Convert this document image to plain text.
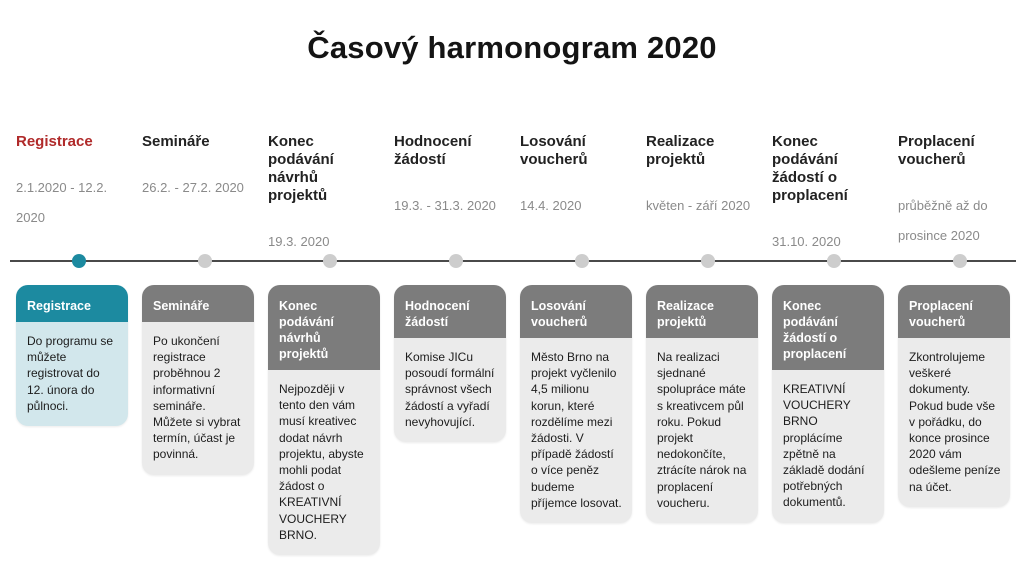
Časový harmonogram 2020
Registrace
2.1.2020 - 12.2. 2020
Registrace
Do programu se můžete registrovat do 12. února do půlnoci.
Semináře
26.2. - 27.2. 2020
Semináře
Po ukončení registrace proběhnou 2 informativní semináře. Můžete si vybrat termín, účast je povinná.
Konec podávání návrhů projektů
19.3. 2020
Konec podávání návrhů projektů
Nejpozději v tento den vám musí kreativec dodat návrh projektu, abyste mohli podat žádost o KREATIVNÍ VOUCHERY BRNO.
Hodnocení žádostí
19.3. - 31.3. 2020
Hodnocení žádostí
Komise JICu posoudí formální správnost všech žádostí a vyřadí nevyhovující.
Losování voucherů
14.4. 2020
Losování voucherů
Město Brno na projekt vyčlenilo 4,5 milionu korun, které rozdělíme mezi žádosti. V případě žádostí o více peněz budeme příjemce losovat.
Realizace projektů
květen - září 2020
Realizace projektů
Na realizaci sjednané spolupráce máte s kreativcem půl roku. Pokud projekt nedokončíte, ztrácíte nárok na proplacení voucheru.
Konec podávání žádostí o proplacení
31.10. 2020
Konec podávání žádostí o proplacení
KREATIVNÍ VOUCHERY BRNO proplácíme zpětně na základě dodání potřebných dokumentů.
Proplacení voucherů
průběžně až do prosince 2020
Proplacení voucherů
Zkontrolujeme veškeré dokumenty. Pokud bude vše v pořádku, do konce prosince 2020 vám odešleme peníze na účet.
